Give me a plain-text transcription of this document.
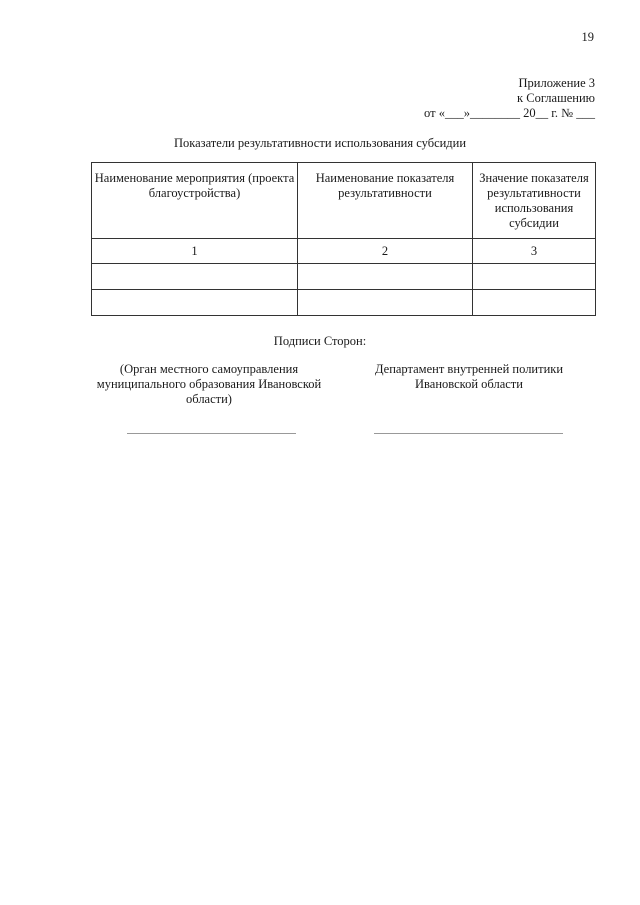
19
Приложение 3
к Соглашению
от «___»________ 20__ г. № ___
Показатели результативности использования субсидии
Наименование мероприятия (проекта благоустройства)	Наименование показателя результативности	Значение показателя результативности использования субсидии
1	2	3

Подписи Сторон:
(Орган местного самоуправления муниципального образования Ивановской области)
Департамент внутренней политики Ивановской области
